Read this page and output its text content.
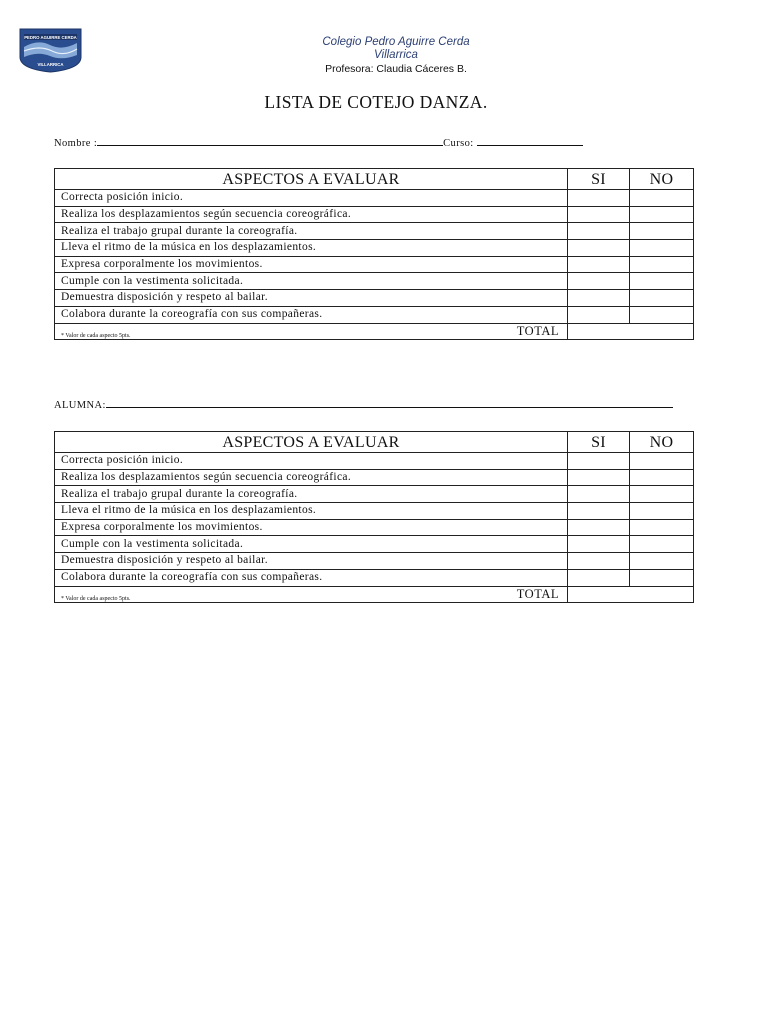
PEDRO AGUIRRE CERDA
VILLARRICA
Colegio Pedro Aguirre Cerda
Villarrica
Profesora: Claudia Cáceres B.
LISTA DE COTEJO DANZA.
Nombre :	Curso:
ASPECTOS A EVALUAR	SI	NO
Correcta posición inicio.		
Realiza los desplazamientos según secuencia coreográfica.		
Realiza el trabajo grupal durante la coreografía.		
Lleva el ritmo de la música en los desplazamientos.		
Expresa corporalmente los movimientos.		
Cumple con la vestimenta solicitada.		
Demuestra disposición y respeto al bailar.		
Colabora durante la coreografía con sus compañeras.		

* Valor de cada aspecto 5pts. TOTAL		

ALUMNA:
ASPECTOS A EVALUAR	SI	NO
Correcta posición inicio.		
Realiza los desplazamientos según secuencia coreográfica.		
Realiza el trabajo grupal durante la coreografía.		
Lleva el ritmo de la música en los desplazamientos.		
Expresa corporalmente los movimientos.		
Cumple con la vestimenta solicitada.		
Demuestra disposición y respeto al bailar.		
Colabora durante la coreografía con sus compañeras.		

* Valor de cada aspecto 5pts. TOTAL		
